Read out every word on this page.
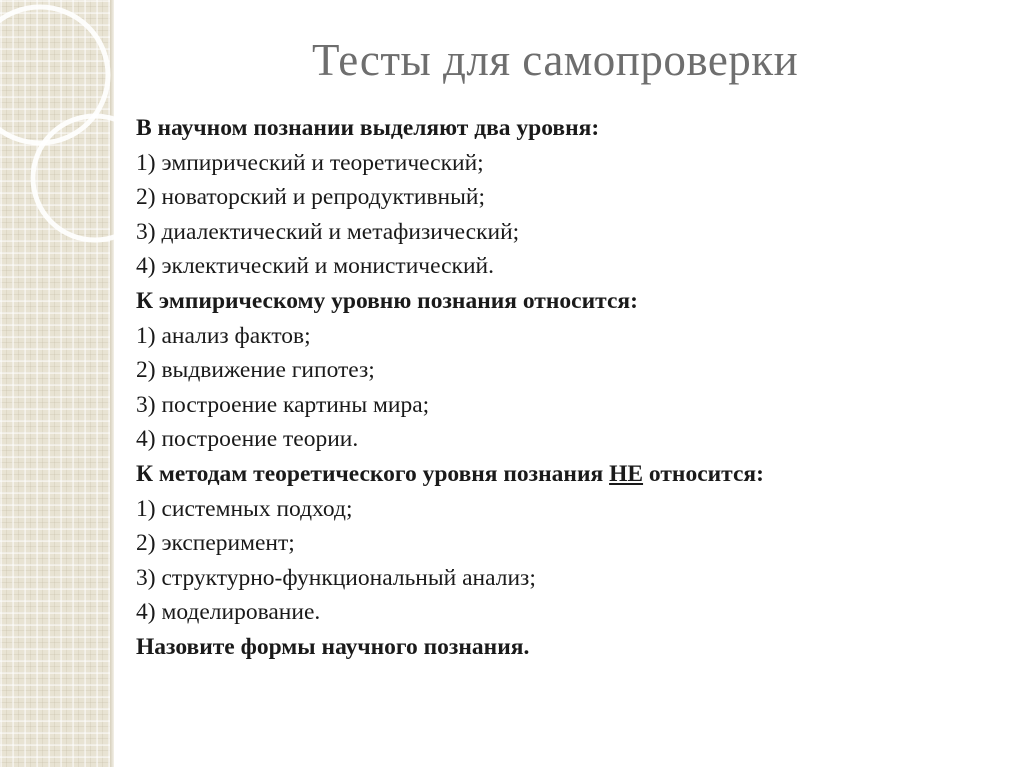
Тесты для самопроверки
В научном познании выделяют два уровня:
1) эмпирический и теоретический;
2) новаторский и репродуктивный;
3) диалектический и метафизический;
4) эклектический и монистический.
К эмпирическому уровню познания относится:
1) анализ фактов;
2) выдвижение гипотез;
3) построение картины мира;
4) построение теории.
К методам теоретического уровня познания НЕ относится:
1) системных подход;
2) эксперимент;
3) структурно-функциональный анализ;
4) моделирование.
Назовите формы научного познания.
